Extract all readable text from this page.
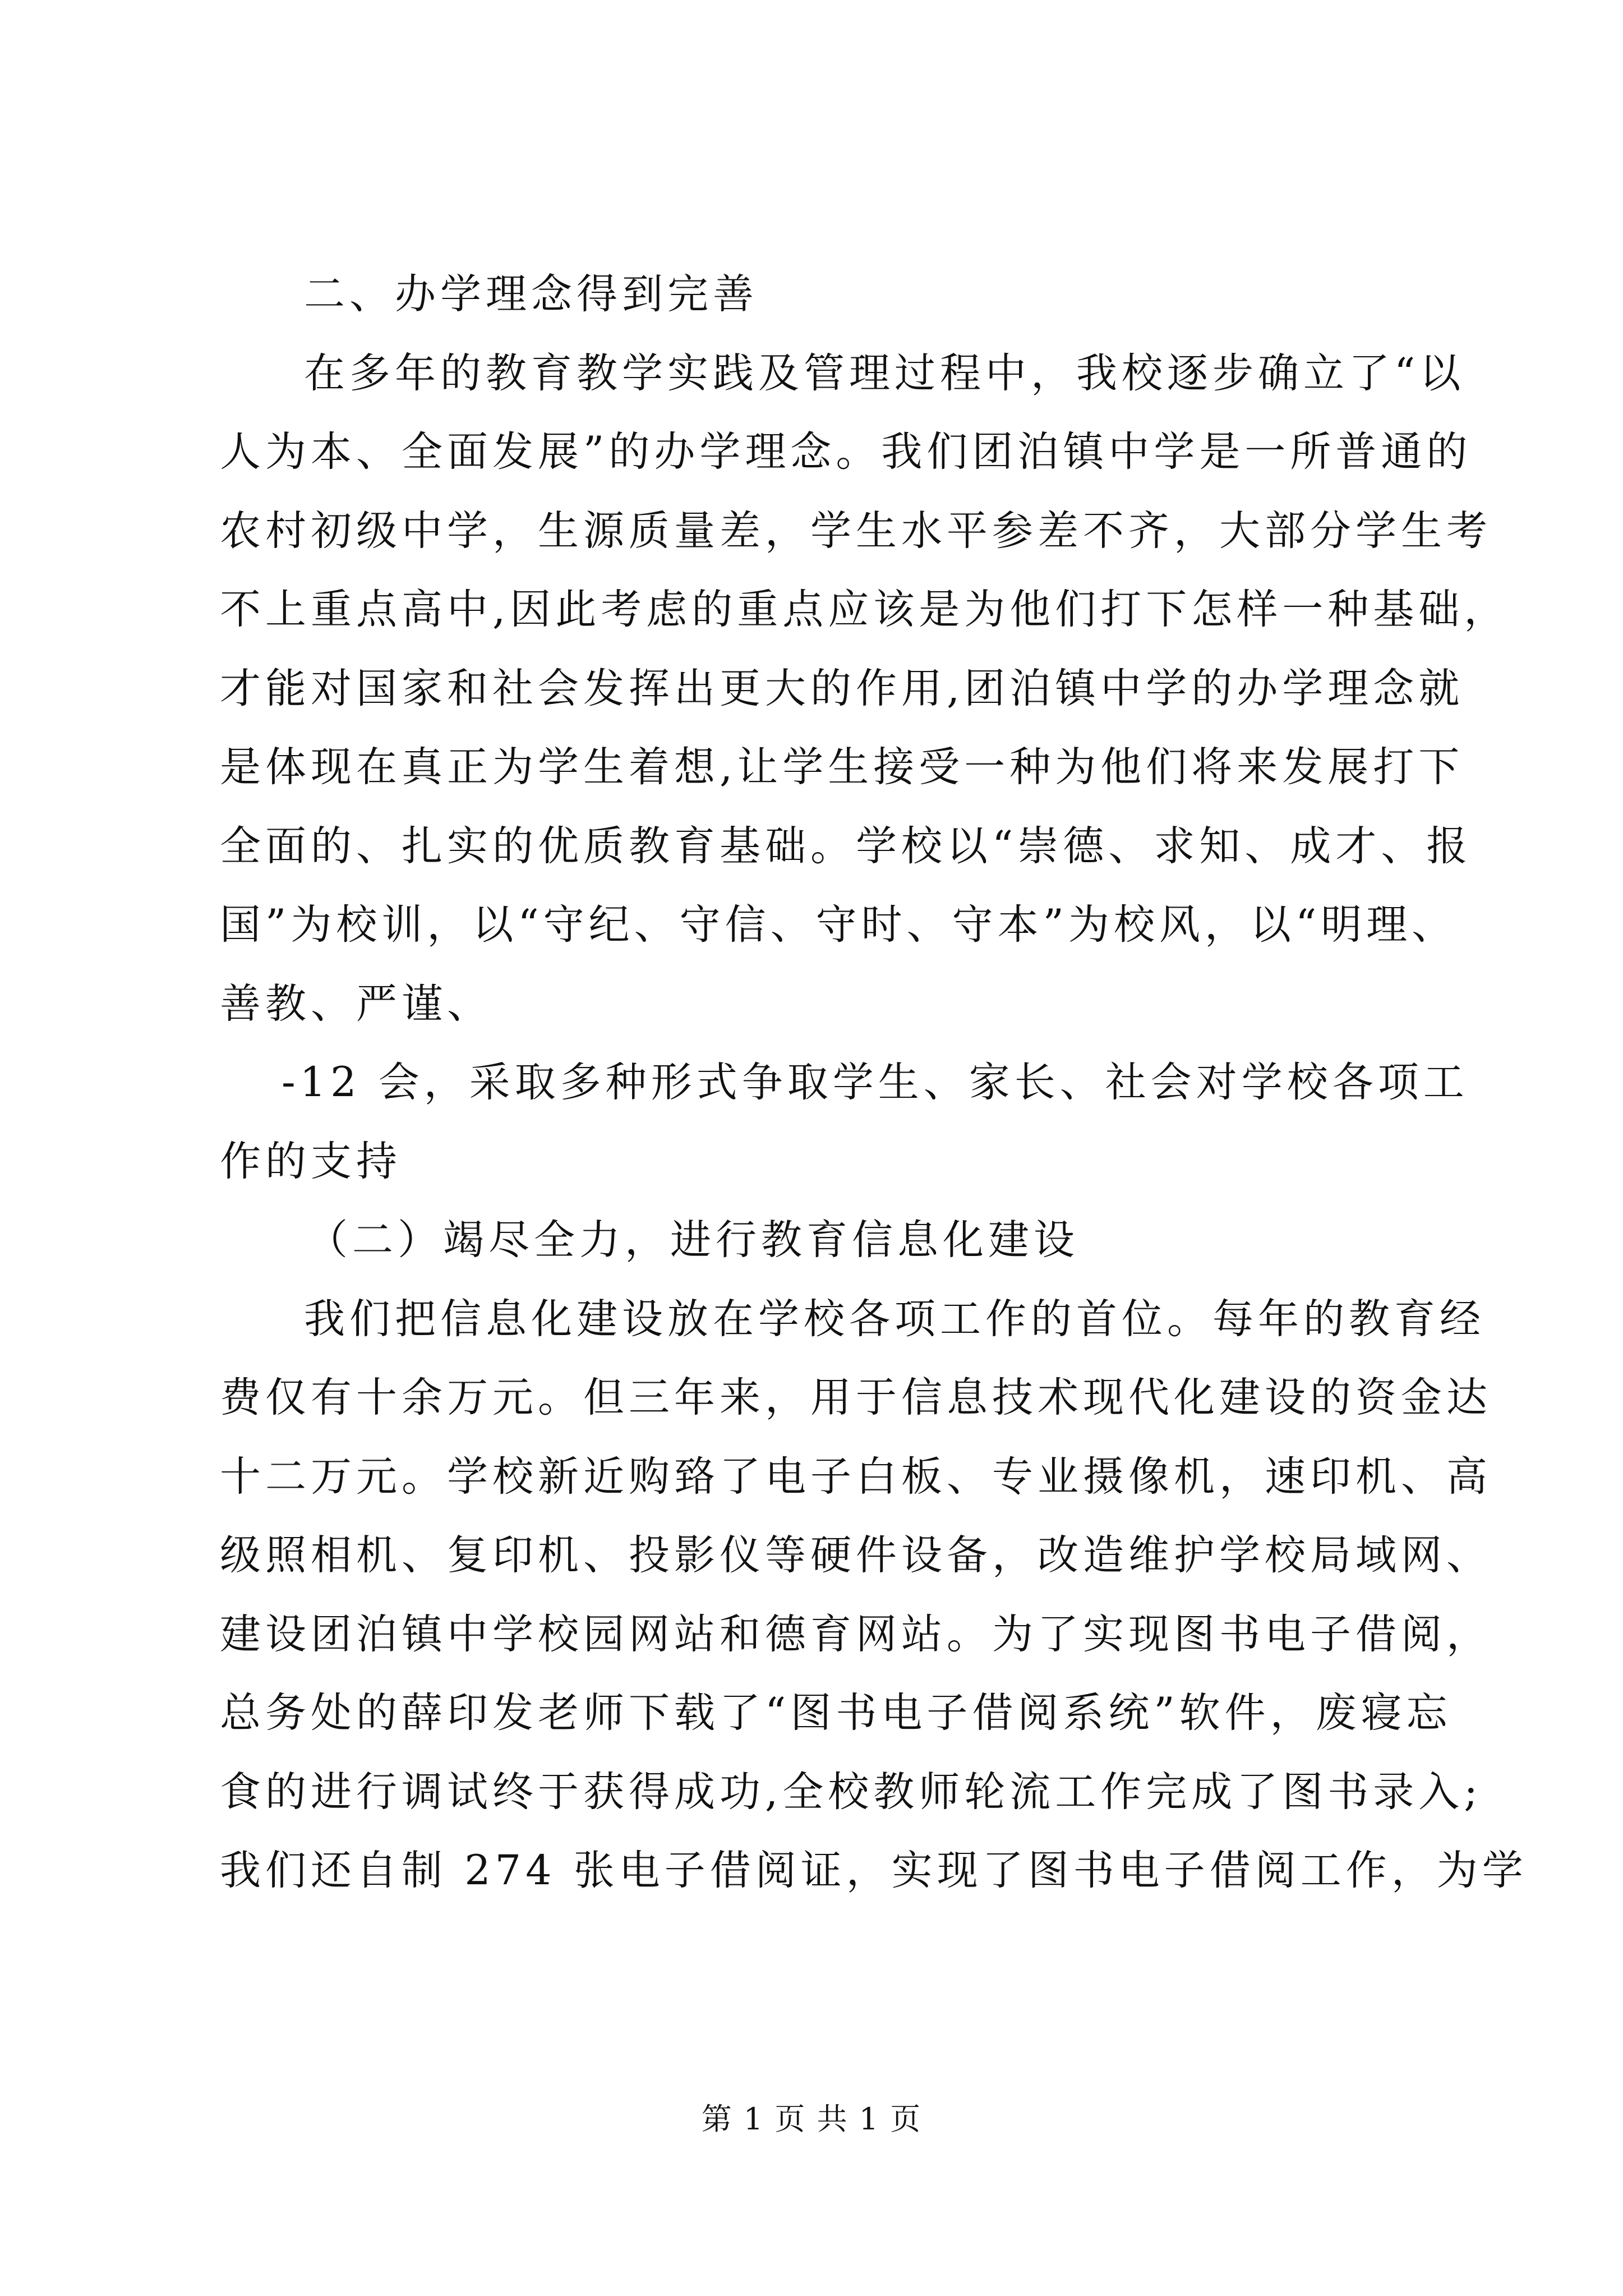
二、办学理念得到完善
在多年的教育教学实践及管理过程中，我校逐步确立了“以
人为本、全面发展”的办学理念。我们团泊镇中学是一所普通的
农村初级中学，生源质量差，学生水平参差不齐，大部分学生考
不上重点高中,因此考虑的重点应该是为他们打下怎样一种基础，
才能对国家和社会发挥出更大的作用,团泊镇中学的办学理念就
是体现在真正为学生着想,让学生接受一种为他们将来发展打下
全面的、扎实的优质教育基础。学校以“崇德、求知、成才、报
国”为校训，以“守纪、守信、守时、守本”为校风，以“明理、
善教、严谨、
-12 会，采取多种形式争取学生、家长、社会对学校各项工
作的支持
（二）竭尽全力，进行教育信息化建设
我们把信息化建设放在学校各项工作的首位。每年的教育经
费仅有十余万元。但三年来，用于信息技术现代化建设的资金达
十二万元。学校新近购臵了电子白板、专业摄像机，速印机、高
级照相机、复印机、投影仪等硬件设备，改造维护学校局域网、
建设团泊镇中学校园网站和德育网站。为了实现图书电子借阅，
总务处的薛印发老师下载了“图书电子借阅系统”软件，废寝忘
食的进行调试终于获得成功,全校教师轮流工作完成了图书录入;
我们还自制 274 张电子借阅证，实现了图书电子借阅工作，为学
第 1 页 共 1 页
